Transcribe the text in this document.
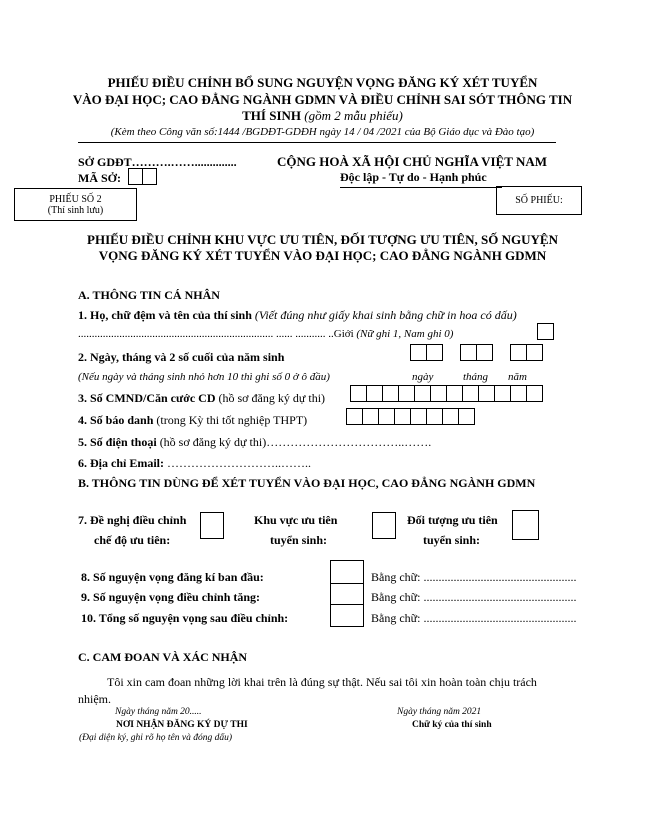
PHIẾU ĐIỀU CHỈNH BỔ SUNG NGUYỆN VỌNG ĐĂNG KÝ XÉT TUYỂN
VÀO ĐẠI HỌC; CAO ĐẲNG NGÀNH GDMN VÀ ĐIỀU CHỈNH SAI SÓT THÔNG TIN
THÍ SINH (gồm 2 mẫu phiếu)
(Kèm theo Công văn số:1444 /BGDĐT-GDĐH ngày 14 / 04 /2021 của Bộ Giáo dục và Đào tạo)
SỞ GDĐT……….……..............
MÃ SỞ:
CỘNG HOÀ XÃ HỘI CHỦ NGHĨA VIỆT NAM
Độc lập - Tự do - Hạnh phúc
PHIẾU SỐ 2
(Thí sinh lưu)
SỐ PHIẾU:
PHIẾU ĐIỀU CHỈNH KHU VỰC ƯU TIÊN, ĐỐI TƯỢNG ƯU TIÊN, SỐ NGUYỆN
VỌNG ĐĂNG KÝ XÉT TUYỂN VÀO ĐẠI HỌC; CAO ĐẲNG NGÀNH GDMN
A. THÔNG TIN CÁ NHÂN
1. Họ, chữ đệm và tên của thí sinh (Viết đúng như giấy khai sinh bằng chữ in hoa có dấu)
....................................................................... ...... ........... ..Giới (Nữ ghi 1, Nam ghi 0)
2. Ngày, tháng và 2 số cuối của năm sinh
(Nếu ngày và tháng sinh nhỏ hơn 10 thì ghi số 0 ở ô đầu)	ngày	tháng năm
3. Số CMND/Căn cước CD (hồ sơ đăng ký dự thi)
4. Số báo danh (trong Kỳ thi tốt nghiệp THPT)
5. Số điện thoại (hồ sơ đăng ký dự thi)……………………………..…….
6. Địa chỉ Email: ………………………..……..
B. THÔNG TIN DÙNG ĐỂ XÉT TUYỂN VÀO ĐẠI HỌC, CAO ĐẲNG NGÀNH GDMN
7. Đề nghị điều chỉnh
chế độ ưu tiên:
Khu vực ưu tiên
tuyển sinh:
Đối tượng ưu tiên
tuyển sinh:
8. Số nguyện vọng đăng kí ban đầu:
9. Số nguyện vọng điều chỉnh tăng:
10. Tổng số nguyện vọng sau điều chỉnh:
Bằng chữ: ...................................................
Bằng chữ: ...................................................
Bằng chữ: ...................................................
C. CAM ĐOAN VÀ XÁC NHẬN
Tôi xin cam đoan những lời khai trên là đúng sự thật. Nếu sai tôi xin hoàn toàn chịu trách
nhiệm.
Ngày tháng năm 20.....
NƠI NHẬN ĐĂNG KÝ DỰ THI
(Đại diện ký, ghi rõ họ tên và đóng dấu)
Ngày tháng năm 2021
Chữ ký của thí sinh
